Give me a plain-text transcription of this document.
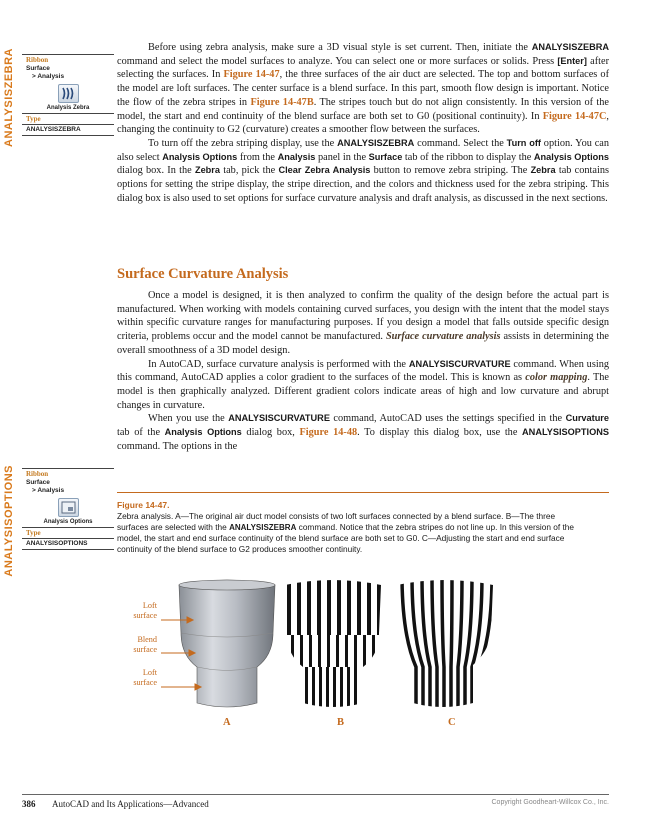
ANALYSISZEBRA Ribbon
Surface
> Analysis
Analysis Zebra
Type
ANALYSISZEBRA
ANALYSISOPTIONS Ribbon
Surface
> Analysis
Analysis Options
Type
ANALYSISOPTIONS

Before using zebra analysis, make sure a 3D visual style is set current. Then, initiate the ANALYSISZEBRA command and select the model surfaces to analyze. You can select one or more surfaces or solids. Press [Enter] after selecting the surfaces. In Figure 14-47, the three surfaces of the air duct are selected. The top and bottom surfaces of the model are loft surfaces. The center surface is a blend surface. In this part, smooth flow design is important. Notice the flow of the zebra stripes in Figure 14-47B. The stripes touch but do not align consistently. In this version of the model, the start and end continuity of the blend surface are both set to G0 (positional continuity). In Figure 14-47C, changing the continuity to G2 (curvature) creates a smoother flow between the surfaces.

To turn off the zebra striping display, use the ANALYSISZEBRA command. Select the Turn off option. You can also select Analysis Options from the Analysis panel in the Surface tab of the ribbon to display the Analysis Options dialog box. In the Zebra tab, pick the Clear Zebra Analysis button to remove zebra striping. The Zebra tab contains options for setting the stripe display, the stripe direction, and the colors and thickness used for the zebra striping. This dialog box is also used to set options for surface curvature analysis and draft analysis, as discussed in the next sections.

Surface Curvature Analysis

Once a model is designed, it is then analyzed to confirm the quality of the design before the actual part is manufactured. When working with models containing curved surfaces, you design with the intent that the model stays within specific curvature ranges for manufacturing purposes. If you design a model that falls outside specific design criteria, problems occur and the model cannot be manufactured. Surface curvature analysis assists in determining the overall smoothness of a 3D model design.

In AutoCAD, surface curvature analysis is performed with the ANALYSISCURVATURE command. When using this command, AutoCAD applies a color gradient to the surfaces of the model. This is known as color mapping. The model is then graphically analyzed. Different gradient colors indicate areas of high and low curvature and abrupt changes in curvature.

When you use the ANALYSISCURVATURE command, AutoCAD uses the settings specified in the Curvature tab of the Analysis Options dialog box, Figure 14-48. To display this dialog box, use the ANALYSISOPTIONS command. The options in the

Figure 14-47.
Zebra analysis. A—The original air duct model consists of two loft surfaces connected by a blend surface. B—The three surfaces are selected with the ANALYSISZEBRA command. Notice that the zebra stripes do not line up. In this version of the model, the start and end surface continuity of the blend surface are both set to G0. C—Adjusting the start and end surface continuity of the blend surface to G2 produces smoother continuity.
Loft
surface
Blend
surface
Loft
surface
A	B	C
386 AutoCAD and Its Applications—Advanced	Copyright Goodheart-Willcox Co., Inc.
